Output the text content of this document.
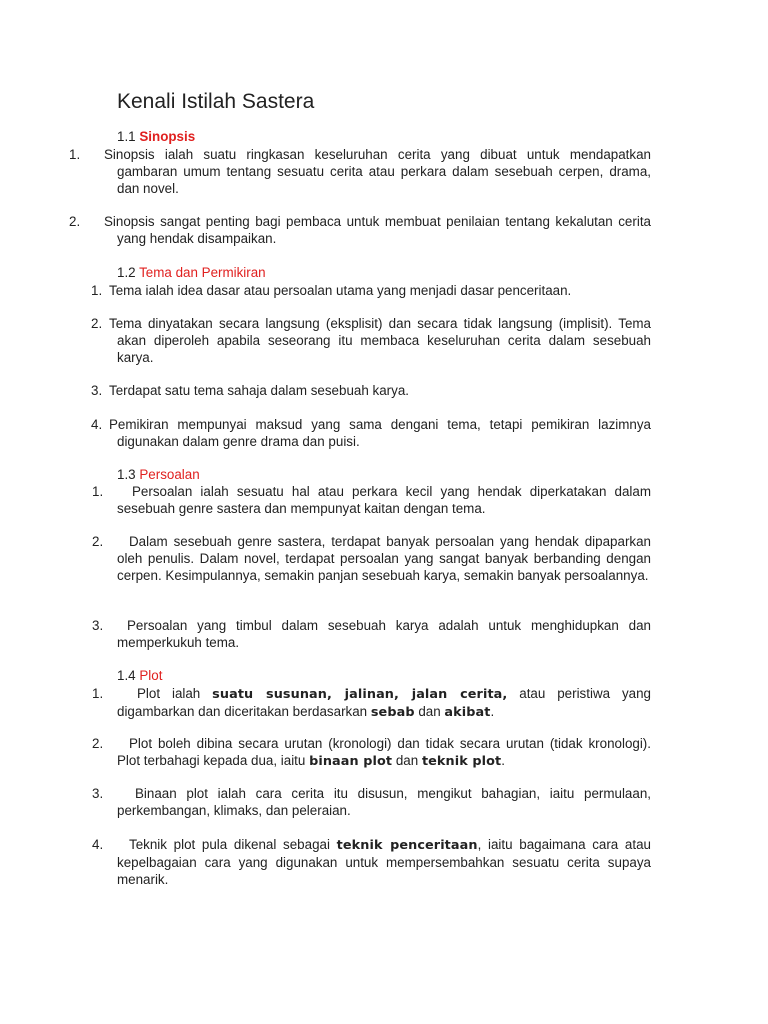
Kenali Istilah Sastera

1.1 Sinopsis

1. Sinopsis ialah suatu ringkasan keseluruhan cerita yang dibuat untuk mendapatkan gambaran umum tentang sesuatu cerita atau perkara dalam sesebuah cerpen, drama, dan novel.
2. Sinopsis sangat penting bagi pembaca untuk membuat penilaian tentang kekalutan cerita yang hendak disampaikan.

1.2 Tema dan Permikiran

1. Tema ialah idea dasar atau persoalan utama yang menjadi dasar penceritaan.
2. Tema dinyatakan secara langsung (eksplisit) dan secara tidak langsung (implisit). Tema akan diperoleh apabila seseorang itu membaca keseluruhan cerita dalam sesebuah karya.
3. Terdapat satu tema sahaja dalam sesebuah karya.
4. Pemikiran mempunyai maksud yang sama dengani tema, tetapi pemikiran lazimnya digunakan dalam genre drama dan puisi.

1.3 Persoalan

1. Persoalan ialah sesuatu hal atau perkara kecil yang hendak diperkatakan dalam sesebuah genre sastera dan mempunyat kaitan dengan tema.
2. Dalam sesebuah genre sastera, terdapat banyak persoalan yang hendak dipaparkan oleh penulis. Dalam novel, terdapat persoalan yang sangat banyak berbanding dengan cerpen. Kesimpulannya, semakin panjan sesebuah karya, semakin banyak persoalannya.
3. Persoalan yang timbul dalam sesebuah karya adalah untuk menghidupkan dan memperkukuh tema.

1.4 Plot

1.	Plot ialah suatu susunan, jalinan, jalan cerita, atau peristiwa yang digambarkan dan diceritakan berdasarkan sebab dan akibat.
2. Plot boleh dibina secara urutan (kronologi) dan tidak secara urutan (tidak kronologi). Plot terbahagi kepada dua, iaitu binaan plot dan teknik plot.
3. Binaan plot ialah cara cerita itu disusun, mengikut bahagian, iaitu permulaan, perkembangan, klimaks, dan peleraian.
4. Teknik plot pula dikenal sebagai teknik penceritaan, iaitu bagaimana cara atau kepelbagaian cara yang digunakan untuk mempersembahkan sesuatu cerita supaya menarik.
